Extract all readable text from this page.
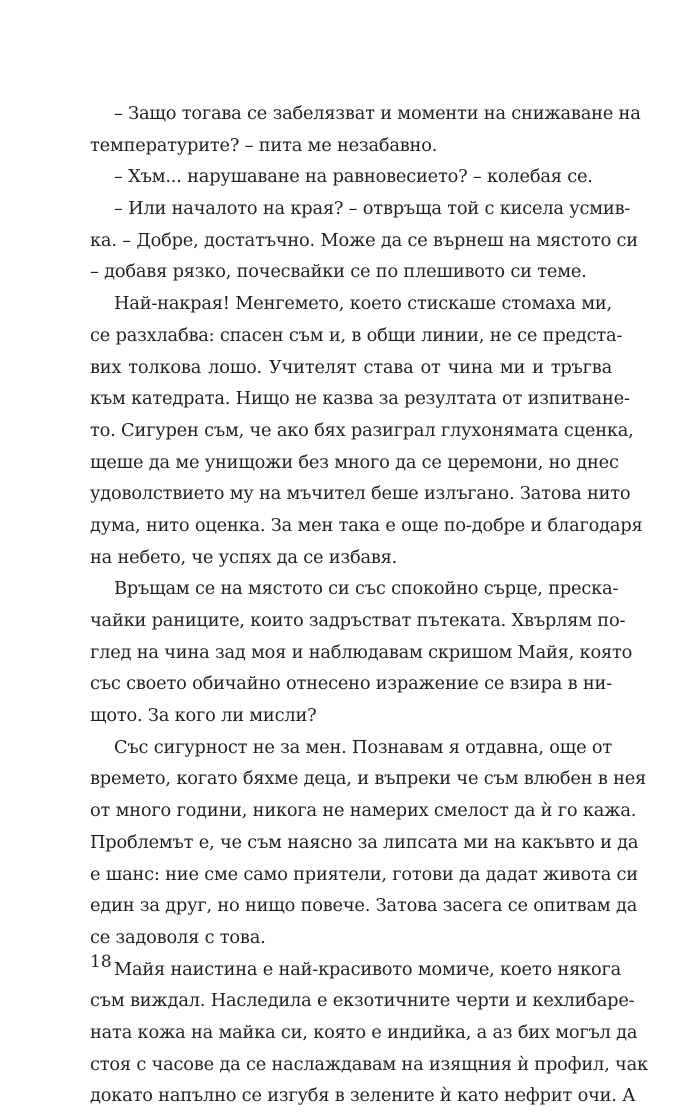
– Защо тогава се забелязват и моменти на снижаване на
температурите? – пита ме незабавно.
– Хъм... нарушаване на равновесието? – колебая се.
– Или началото на края? – отвръща той с кисела усмив-
ка. – Добре, достатъчно. Може да се върнеш на мястото си
– добавя рязко, почесвайки се по плешивото си теме.
Най-накрая! Менгемето, което стискаше стомаха ми,
се разхлабва: спасен съм и, в общи линии, не се предста-
вих толкова лошо. Учителят става от чина ми и тръгва
към катедрата. Нищо не казва за резултата от изпитване-
то. Сигурен съм, че ако бях разиграл глухонямата сценка,
щеше да ме унищожи без много да се церемони, но днес
удоволствието му на мъчител беше излъгано. Затова нито
дума, нито оценка. За мен така е още по-добре и благодаря
на небето, че успях да се избавя.
Връщам се на мястото си със спокойно сърце, преска-
чайки раниците, които задръстват пътеката. Хвърлям по-
глед на чина зад моя и наблюдавам скришом Майя, която
със своето обичайно отнесено изражение се взира в ни-
щото. За кого ли мисли?
Със сигурност не за мен. Познавам я отдавна, още от
времето, когато бяхме деца, и въпреки че съм влюбен в нея
от много години, никога не намерих смелост да ѝ го кажа.
Проблемът е, че съм наясно за липсата ми на какъвто и да
е шанс: ние сме само приятели, готови да дадат живота си
един за друг, но нищо повече. Затова засега се опитвам да
се задоволя с това.
Майя наистина е най-красивото момиче, което някога
съм виждал. Наследила е екзотичните черти и кехлибаре-
ната кожа на майка си, която е индийка, а аз бих могъл да
стоя с часове да се наслаждавам на изящния ѝ профил, чак
докато напълно се изгубя в зелените ѝ като нефрит очи. А
18
